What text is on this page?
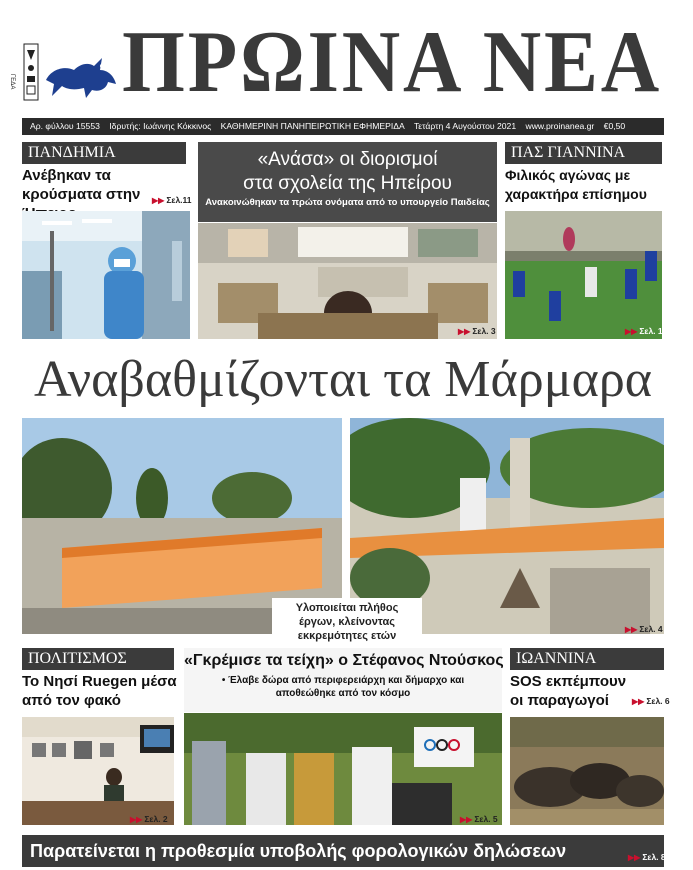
ΓΕΔΑ ΠΡΩΙΝΑ ΝΕΑ
Αρ. φύλλου 15553 Ιδρυτής: Ιωάννης Κόκκινος ΚΑΘΗΜΕΡΙΝΗ ΠΑΝΗΠΕΙΡΩΤΙΚΗ ΕΦΗΜΕΡΙΔΑ Τετάρτη 4 Αυγούστου 2021 www.proinanea.gr €0,50
ΠΑΝΔΗΜΙΑ
Ανέβηκαν τα κρούσματα στην	▶▶ Σελ.11
«Ανάσα» οι διορισμοί
στα σχολεία της Ηπείρου
Ανακοινώθηκαν τα πρώτα ονόματα από το υπουργείο Παιδείας
▶▶ Σελ. 3
ΠΑΣ ΓΙΑΝΝΙΝΑ
Φιλικός αγώνας με χαρακτήρα επίσημου
▶▶ Σελ. 14
Αναβαθμίζονται τα Μάρμαρα
Υλοποιείται πλήθος έργων, κλείνοντας εκκρεμότητες ετών
▶▶ Σελ. 4
ΠΟΛΙΤΙΣΜΟΣ
Το Νησί Ruegen μέσα από τον φακό
▶▶ Σελ. 2
«Γκρέμισε τα τείχη» ο Στέφανος Ντούσκος
• Έλαβε δώρα από περιφερειάρχη και δήμαρχο και αποθεώθηκε από τον κόσμο
▶▶ Σελ. 5
ΙΩΑΝΝΙΝΑ
SOS εκπέμπουν οι παραγωγοί	▶▶ Σελ. 6
Παρατείνεται η προθεσμία υποβολής φορολογικών δηλώσεων	▶▶ Σελ. 8
